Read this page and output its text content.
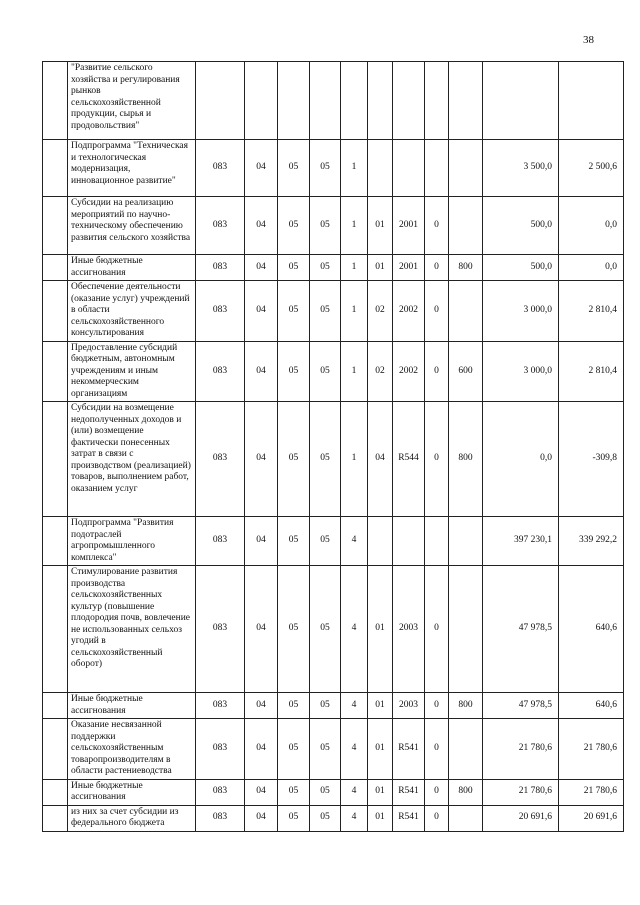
38
	"Развитие сельского хозяйства и регулирования рынков сельскохозяйственной продукции, сырья и продовольствия"											
	Подпрограмма "Техническая и технологическая модернизация, инновационное развитие"	083	04	05	05	1					3 500,0	2 500,6
	Субсидии на реализацию мероприятий по научно-техническому обеспечению развития сельского хозяйства	083	04	05	05	1	01	2001	0		500,0	0,0
	Иные бюджетные ассигнования	083	04	05	05	1	01	2001	0	800	500,0	0,0
	Обеспечение деятельности (оказание услуг) учреждений в области сельскохозяйственного консультирования	083	04	05	05	1	02	2002	0		3 000,0	2 810,4
	Предоставление субсидий бюджетным, автономным учреждениям и иным некоммерческим организациям	083	04	05	05	1	02	2002	0	600	3 000,0	2 810,4
	Субсидии на возмещение недополученных доходов и (или) возмещение фактически понесенных затрат в связи с производством (реализацией) товаров, выполнением работ, оказанием услуг	083	04	05	05	1	04	R544	0	800	0,0	-309,8
	Подпрограмма "Развития подотраслей агропромышленного комплекса"	083	04	05	05	4					397 230,1	339 292,2
	Стимулирование развития производства сельскохозяйственных культур (повышение плодородия почв, вовлечение не использованных сельхоз угодий в сельскохозяйственный оборот)	083	04	05	05	4	01	2003	0		47 978,5	640,6
	Иные бюджетные ассигнования	083	04	05	05	4	01	2003	0	800	47 978,5	640,6
	Оказание несвязанной поддержки сельскохозяйственным товаропроизводителям в области растениеводства	083	04	05	05	4	01	R541	0		21 780,6	21 780,6
	Иные бюджетные ассигнования	083	04	05	05	4	01	R541	0	800	21 780,6	21 780,6
	из них за счет субсидии из федерального бюджета	083	04	05	05	4	01	R541	0		20 691,6	20 691,6
